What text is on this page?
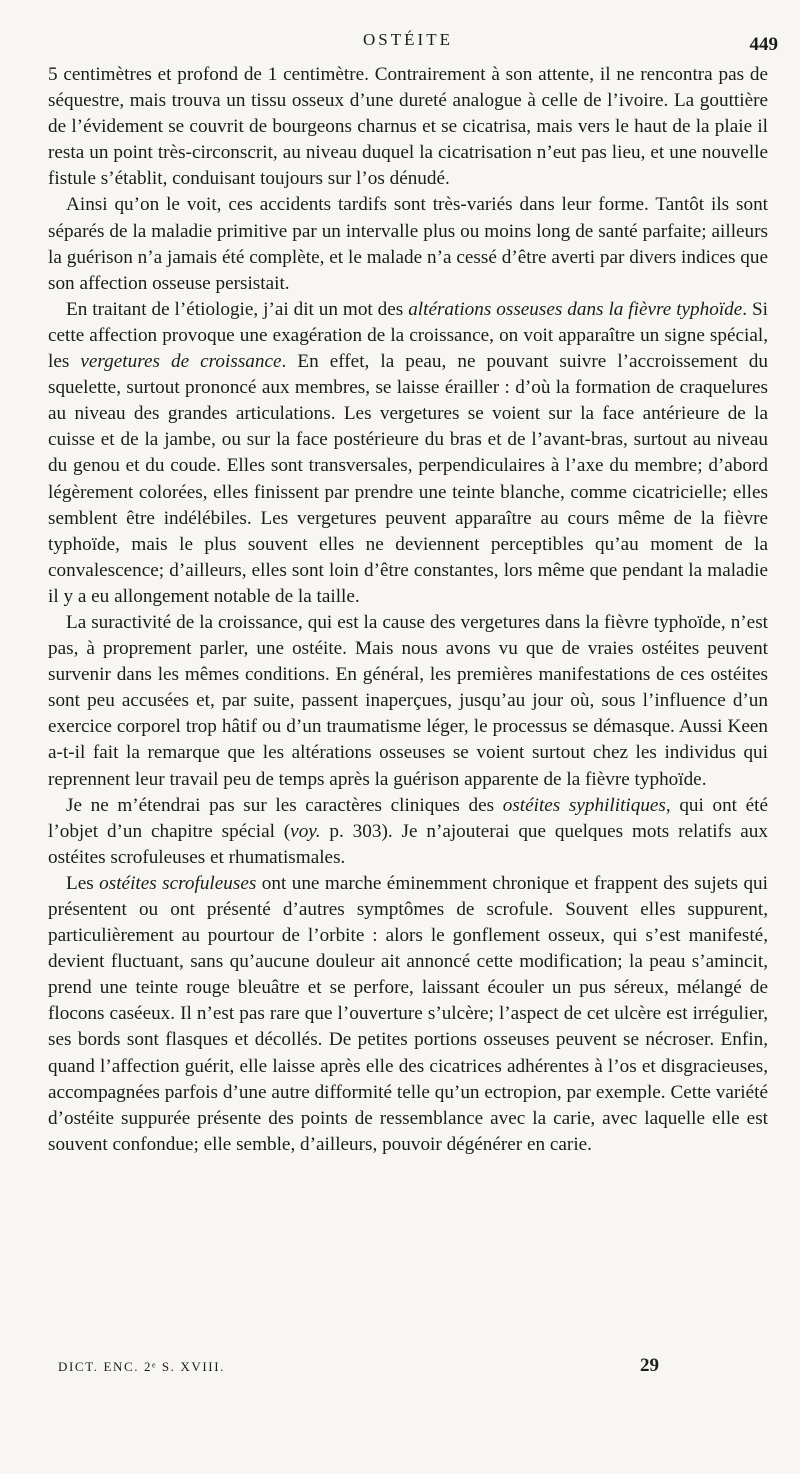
OSTÉITE	449

5 centimètres et profond de 1 centimètre. Contrairement à son attente, il ne rencontra pas de séquestre, mais trouva un tissu osseux d’une dureté analogue à celle de l’ivoire. La gouttière de l’évidement se couvrit de bourgeons charnus et se cicatrisa, mais vers le haut de la plaie il resta un point très-circonscrit, au niveau duquel la cicatrisation n’eut pas lieu, et une nouvelle fistule s’établit, conduisant toujours sur l’os dénudé.

Ainsi qu’on le voit, ces accidents tardifs sont très-variés dans leur forme. Tantôt ils sont séparés de la maladie primitive par un intervalle plus ou moins long de santé parfaite; ailleurs la guérison n’a jamais été complète, et le malade n’a cessé d’être averti par divers indices que son affection osseuse persistait.

En traitant de l’étiologie, j’ai dit un mot des altérations osseuses dans la fièvre typhoïde. Si cette affection provoque une exagération de la croissance, on voit apparaître un signe spécial, les vergetures de croissance. En effet, la peau, ne pouvant suivre l’accroissement du squelette, surtout prononcé aux membres, se laisse érailler : d’où la formation de craquelures au niveau des grandes articulations. Les vergetures se voient sur la face antérieure de la cuisse et de la jambe, ou sur la face postérieure du bras et de l’avant-bras, surtout au niveau du genou et du coude. Elles sont transversales, perpendiculaires à l’axe du membre; d’abord légèrement colorées, elles finissent par prendre une teinte blanche, comme cicatricielle; elles semblent être indélébiles. Les vergetures peuvent apparaître au cours même de la fièvre typhoïde, mais le plus souvent elles ne deviennent perceptibles qu’au moment de la convalescence; d’ailleurs, elles sont loin d’être constantes, lors même que pendant la maladie il y a eu allongement notable de la taille.

La suractivité de la croissance, qui est la cause des vergetures dans la fièvre typhoïde, n’est pas, à proprement parler, une ostéite. Mais nous avons vu que de vraies ostéites peuvent survenir dans les mêmes conditions. En général, les premières manifestations de ces ostéites sont peu accusées et, par suite, passent inaperçues, jusqu’au jour où, sous l’influence d’un exercice corporel trop hâtif ou d’un traumatisme léger, le processus se démasque. Aussi Keen a-t-il fait la remarque que les altérations osseuses se voient surtout chez les individus qui reprennent leur travail peu de temps après la guérison apparente de la fièvre typhoïde.

Je ne m’étendrai pas sur les caractères cliniques des ostéites syphilitiques, qui ont été l’objet d’un chapitre spécial (voy. p. 303). Je n’ajouterai que quelques mots relatifs aux ostéites scrofuleuses et rhumatismales.

Les ostéites scrofuleuses ont une marche éminemment chronique et frappent des sujets qui présentent ou ont présenté d’autres symptômes de scrofule. Souvent elles suppurent, particulièrement au pourtour de l’orbite : alors le gonflement osseux, qui s’est manifesté, devient fluctuant, sans qu’aucune douleur ait annoncé cette modification; la peau s’amincit, prend une teinte rouge bleuâtre et se perfore, laissant écouler un pus séreux, mélangé de flocons caséeux. Il n’est pas rare que l’ouverture s’ulcère; l’aspect de cet ulcère est irrégulier, ses bords sont flasques et décollés. De petites portions osseuses peuvent se nécroser. Enfin, quand l’affection guérit, elle laisse après elle des cicatrices adhérentes à l’os et disgracieuses, accompagnées parfois d’une autre difformité telle qu’un ectropion, par exemple. Cette variété d’ostéite suppurée présente des points de ressemblance avec la carie, avec laquelle elle est souvent confondue; elle semble, d’ailleurs, pouvoir dégénérer en carie.

DICT. ENC. 2ᵉ S. XVIII.	29
